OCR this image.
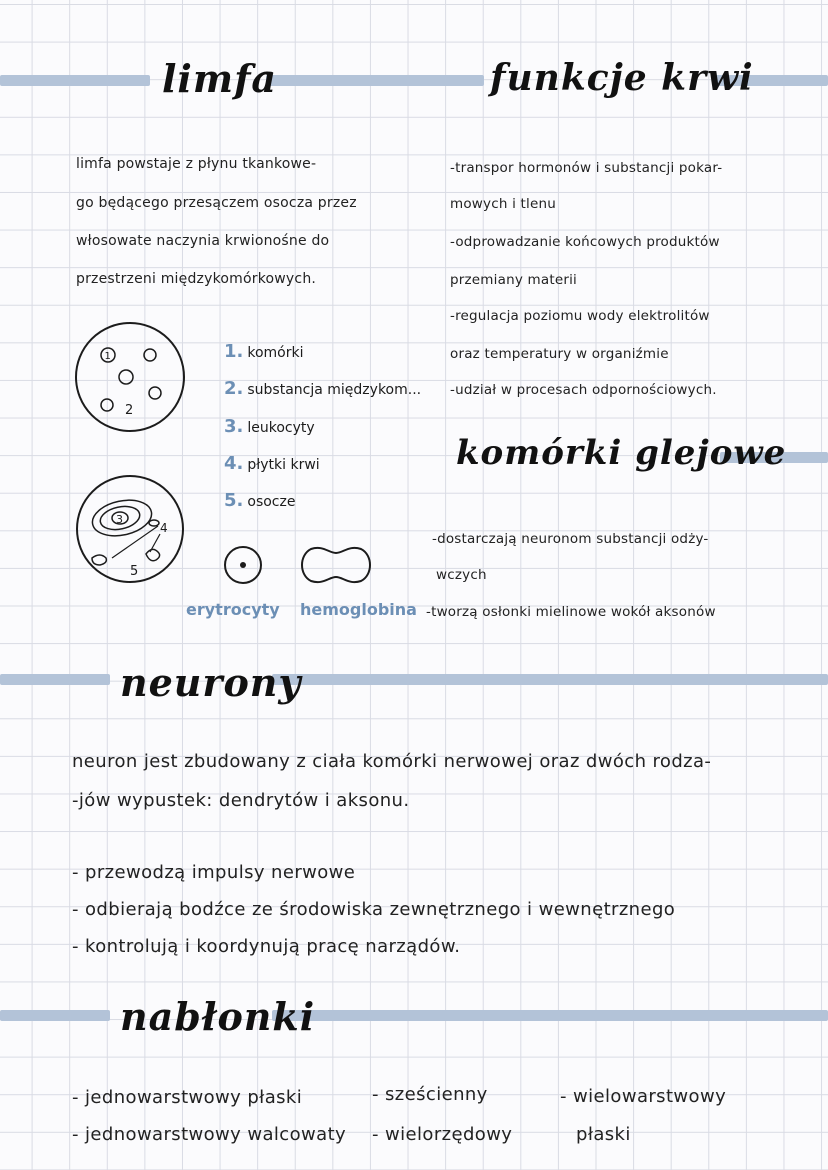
limfa	funkcje krwi
komórki glejowe
neurony
nabłonki
limfa powstaje z płynu tkankowe-
go będącego przesączem osocza przez
włosowate naczynia krwionośne do
przestrzeni międzykomórkowych.
-transpor hormonów i substancji pokar-
mowych i tlenu
-odprowadzanie końcowych produktów
przemiany materii
-regulacja poziomu wody elektrolitów
oraz temperatury w organiźmie
-udział w procesach odpornościowych.
1
2
3
4
5
1. komórki
2. substancja międzykom...
3. leukocyty
4. płytki krwi
5. osocze
erytrocyty hemoglobina
-dostarczają neuronom substancji odży-
wczych
-tworzą osłonki mielinowe wokół aksonów
neuron jest zbudowany z ciała komórki nerwowej oraz dwóch rodza-
-jów wypustek: dendrytów i aksonu.
- przewodzą impulsy nerwowe
- odbierają bodźce ze środowiska zewnętrznego i wewnętrznego
- kontrolują i koordynują pracę narządów.
- jednowarstwowy płaski
- jednowarstwowy walcowaty
- sześcienny
- wielorzędowy
- wielowarstwowy
płaski
